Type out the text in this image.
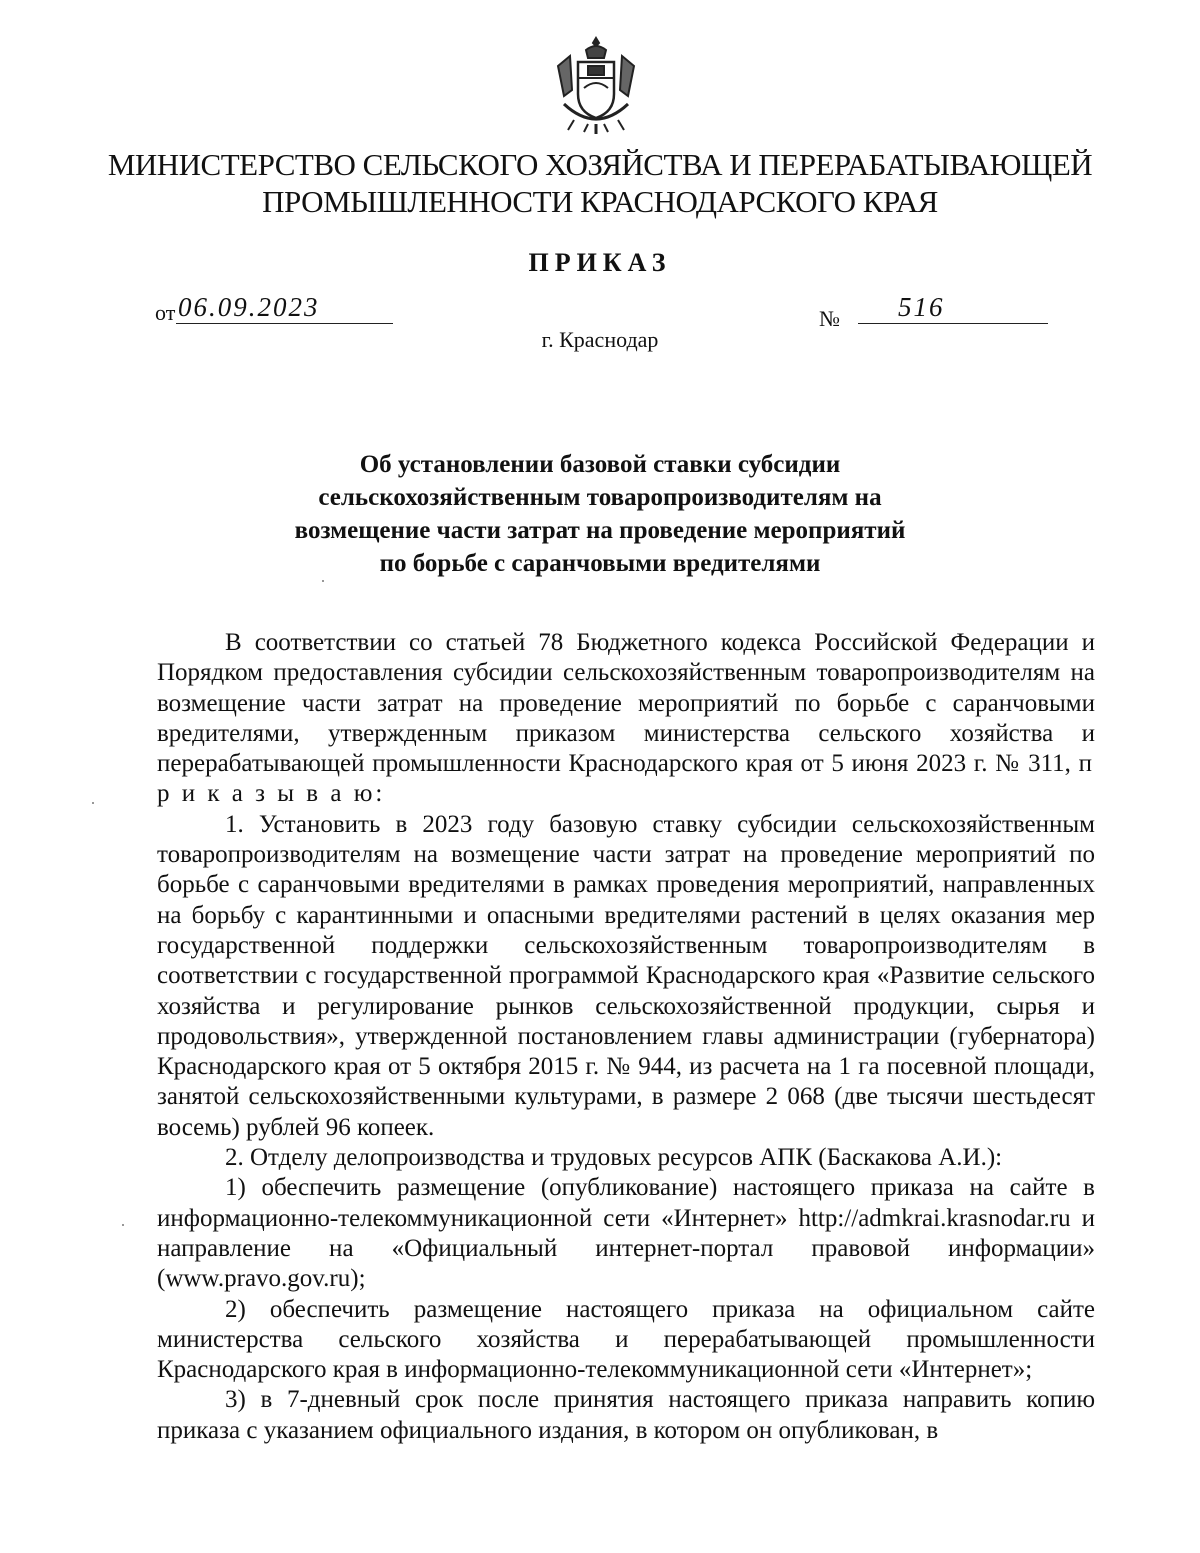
МИНИСТЕРСТВО СЕЛЬСКОГО ХОЗЯЙСТВА И ПЕРЕРАБАТЫВАЮЩЕЙ
ПРОМЫШЛЕННОСТИ КРАСНОДАРСКОГО КРАЯ
ПРИКАЗ
от 06.09.2023	№	516
г. Краснодар
Об установлении базовой ставки субсидии
сельскохозяйственным товаропроизводителям на
возмещение части затрат на проведение мероприятий
по борьбе с саранчовыми вредителями

В соответствии со статьей 78 Бюджетного кодекса Российской Федерации и Порядком предоставления субсидии сельскохозяйственным товаропроизводителям на возмещение части затрат на проведение мероприятий по борьбе с саранчовыми вредителями, утвержденным приказом министерства сельского хозяйства и перерабатывающей промышленности Краснодарского края от 5 июня 2023 г. № 311, п р и к а з ы в а ю:

1. Установить в 2023 году базовую ставку субсидии сельскохозяйственным товаропроизводителям на возмещение части затрат на проведение мероприятий по борьбе с саранчовыми вредителями в рамках проведения мероприятий, направленных на борьбу с карантинными и опасными вредителями растений в целях оказания мер государственной поддержки сельскохозяйственным товаропроизводителям в соответствии с государственной программой Краснодарского края «Развитие сельского хозяйства и регулирование рынков сельскохозяйственной продукции, сырья и продовольствия», утвержденной постановлением главы администрации (губернатора) Краснодарского края от 5 октября 2015 г. № 944, из расчета на 1 га посевной площади, занятой сельскохозяйственными культурами, в размере 2 068 (две тысячи шестьдесят восемь) рублей 96 копеек.

2. Отделу делопроизводства и трудовых ресурсов АПК (Баскакова А.И.):

1) обеспечить размещение (опубликование) настоящего приказа на сайте в информационно-телекоммуникационной сети «Интернет» http://admkrai.krasnodar.ru и направление на «Официальный интернет-портал правовой информации» (www.pravo.gov.ru);

2) обеспечить размещение настоящего приказа на официальном сайте министерства сельского хозяйства и перерабатывающей промышленности Краснодарского края в информационно-телекоммуникационной сети «Интернет»;

3) в 7-дневный срок после принятия настоящего приказа направить копию приказа с указанием официального издания, в котором он опубликован, в
